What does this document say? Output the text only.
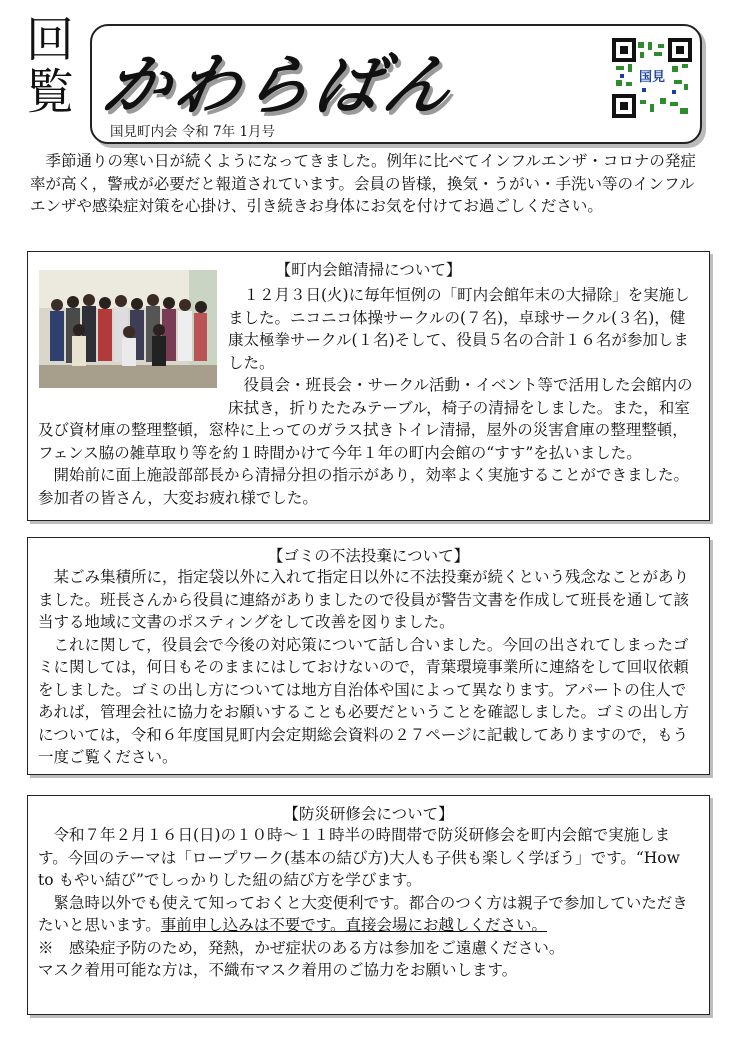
回
覧 かわらばん
国見町内会 令和 7年 1月号
国見
季節通りの寒い日が続くようになってきました。例年に比べてインフルエンザ・コロナの発症率が高く，警戒が必要だと報道されています。会員の皆様，換気・うがい・手洗い等のインフルエンザや感染症対策を心掛け、引き続きお身体にお気を付けてお過ごしください。
【町内会館清掃について】
１２月３日(火)に毎年恒例の「町内会館年末の大掃除」を実施しました。ニコニコ体操サークルの(７名)，卓球サークル(３名)，健康太極拳サークル(１名)そして、役員５名の合計１６名が参加しました。
役員会・班長会・サークル活動・イベント等で活用した会館内の床拭き，折りたたみテーブル，椅子の清掃をしました。また，和室及び資材庫の整理整頓，窓枠に上ってのガラス拭きトイレ清掃，屋外の災害倉庫の整理整頓，フェンス脇の雑草取り等を約１時間かけて今年１年の町内会館の“すす”を払いました。
開始前に面上施設部部長から清掃分担の指示があり，効率よく実施することができました。参加者の皆さん，大変お疲れ様でした。
【ゴミの不法投棄について】
某ごみ集積所に，指定袋以外に入れて指定日以外に不法投棄が続くという残念なことがありました。班長さんから役員に連絡がありましたので役員が警告文書を作成して班長を通して該当する地域に文書のポスティングをして改善を図りました。
これに関して，役員会で今後の対応策について話し合いました。今回の出されてしまったゴミに関しては，何日もそのままにはしておけないので，青葉環境事業所に連絡をして回収依頼をしました。ゴミの出し方については地方自治体や国によって異なります。アパートの住人であれば，管理会社に協力をお願いすることも必要だということを確認しました。ゴミの出し方については，令和６年度国見町内会定期総会資料の２７ページに記載してありますので，もう一度ご覧ください。
【防災研修会について】
令和７年２月１６日(日)の１０時～１１時半の時間帯で防災研修会を町内会館で実施します。今回のテーマは「ロープワーク(基本の結び方)大人も子供も楽しく学ぼう」です。“How to もやい結び”でしっかりした紐の結び方を学びます。
緊急時以外でも使えて知っておくと大変便利です。都合のつく方は親子で参加していただきたいと思います。事前申し込みは不要です。直接会場にお越しください。
※　感染症予防のため，発熱，かぜ症状のある方は参加をご遠慮ください。
マスク着用可能な方は，不織布マスク着用のご協力をお願いします。
